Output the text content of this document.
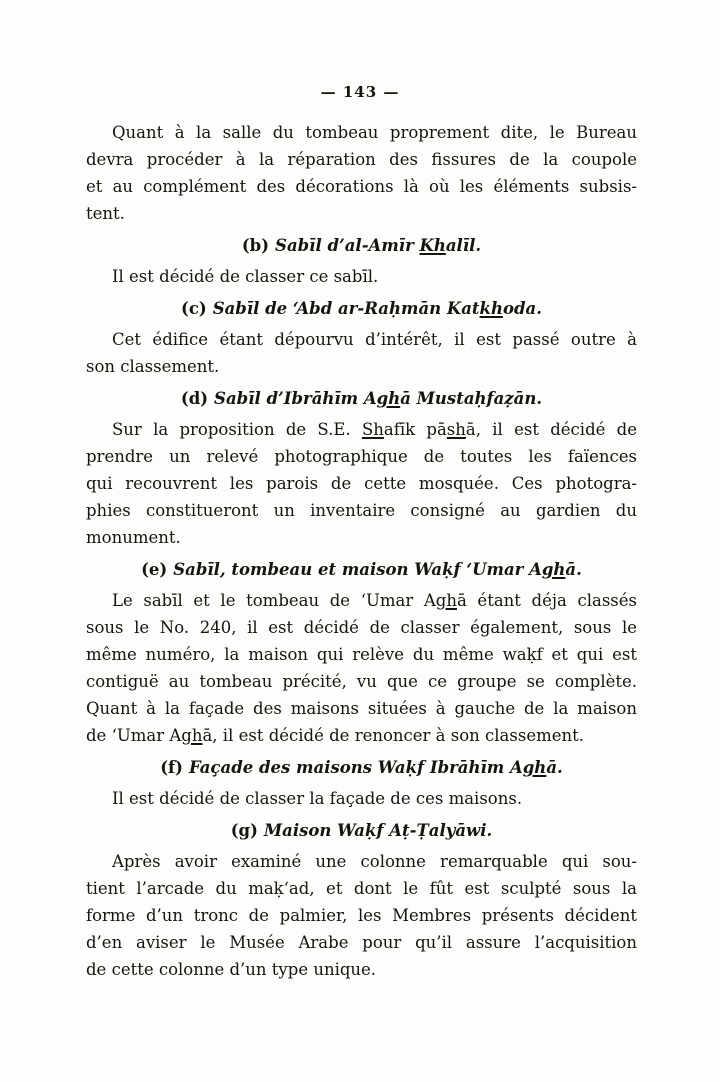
— 143 —
Quant à la salle du tombeau proprement dite, le Bureau
devra procéder à la réparation des fissures de la coupole
et au complément des décorations là où les éléments subsis-
tent.
(b) Sabīl d’al-Amīr Khalīl.
Il est décidé de classer ce sabīl.
(c) Sabīl de ʻAbd ar-Raḥmān Katkhoda.
Cet édifice étant dépourvu d’intérêt, il est passé outre à
son classement.
(d) Sabīl d’Ibrāhīm Aghā Mustaḥfaẓān.
Sur la proposition de S.E. Shafīk pāshā, il est décidé de
prendre un relevé photographique de toutes les faïences
qui recouvrent les parois de cette mosquée. Ces photogra-
phies constitueront un inventaire consigné au gardien du
monument.
(e) Sabīl, tombeau et maison Waḳf ʻUmar Aghā.
Le sabīl et le tombeau de ʻUmar Aghā étant déja classés
sous le No. 240, il est décidé de classer également, sous le
même numéro, la maison qui relève du même waḳf et qui est
contiguë au tombeau précité, vu que ce groupe se complète.
Quant à la façade des maisons situées à gauche de la maison
de ʻUmar Aghā, il est décidé de renoncer à son classement.
(f) Façade des maisons Waḳf Ibrāhīm Aghā.
Il est décidé de classer la façade de ces maisons.
(g) Maison Waḳf Aṭ-Ṭalyāwi.
Après avoir examiné une colonne remarquable qui sou-
tient l’arcade du maḳʻad, et dont le fût est sculpté sous la
forme d’un tronc de palmier, les Membres présents décident
d’en aviser le Musée Arabe pour qu’il assure l’acquisition
de cette colonne d’un type unique.
